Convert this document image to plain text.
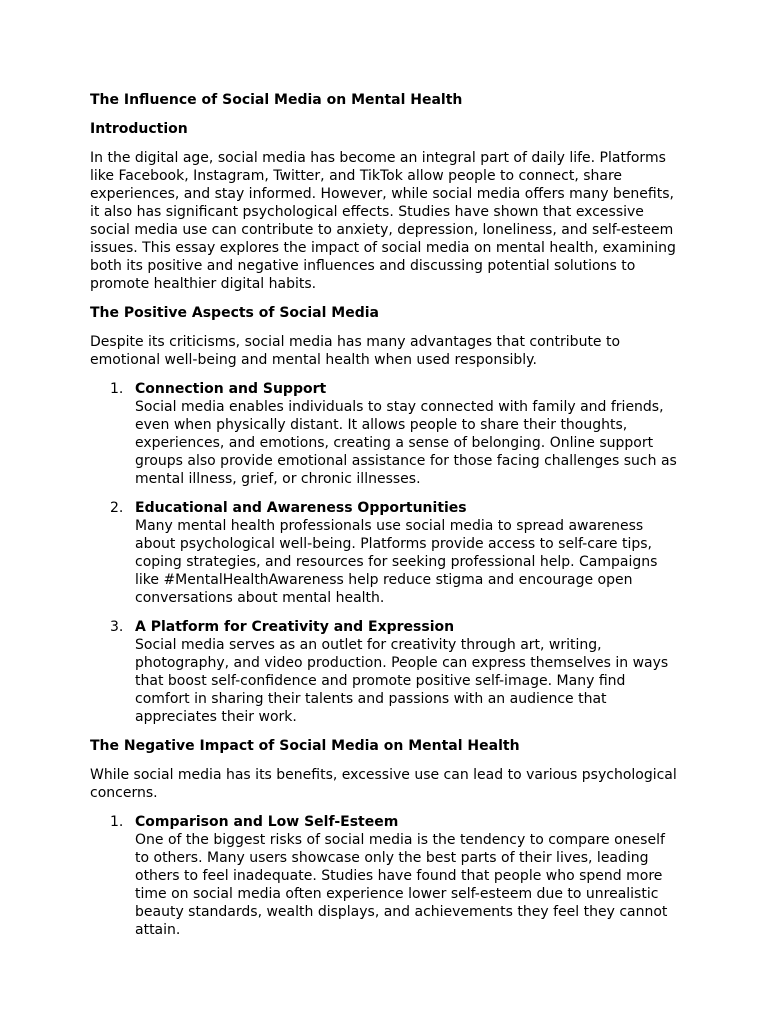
The Influence of Social Media on Mental Health
Introduction

In the digital age, social media has become an integral part of daily life. Platforms like Facebook, Instagram, Twitter, and TikTok allow people to connect, share experiences, and stay informed. However, while social media offers many benefits, it also has significant psychological effects. Studies have shown that excessive social media use can contribute to anxiety, depression, loneliness, and self-esteem issues. This essay explores the impact of social media on mental health, examining both its positive and negative influences and discussing potential solutions to promote healthier digital habits.

The Positive Aspects of Social Media

Despite its criticisms, social media has many advantages that contribute to emotional well-being and mental health when used responsibly.

1. Connection and Support
Social media enables individuals to stay connected with family and friends, even when physically distant. It allows people to share their thoughts, experiences, and emotions, creating a sense of belonging. Online support groups also provide emotional assistance for those facing challenges such as mental illness, grief, or chronic illnesses.
2. Educational and Awareness Opportunities
Many mental health professionals use social media to spread awareness about psychological well-being. Platforms provide access to self-care tips, coping strategies, and resources for seeking professional help. Campaigns like #MentalHealthAwareness help reduce stigma and encourage open conversations about mental health.
3. A Platform for Creativity and Expression
Social media serves as an outlet for creativity through art, writing, photography, and video production. People can express themselves in ways that boost self-confidence and promote positive self-image. Many find comfort in sharing their talents and passions with an audience that appreciates their work.
The Negative Impact of Social Media on Mental Health

While social media has its benefits, excessive use can lead to various psychological concerns.

1. Comparison and Low Self-Esteem
One of the biggest risks of social media is the tendency to compare oneself to others. Many users showcase only the best parts of their lives, leading others to feel inadequate. Studies have found that people who spend more time on social media often experience lower self-esteem due to unrealistic beauty standards, wealth displays, and achievements they feel they cannot attain.
